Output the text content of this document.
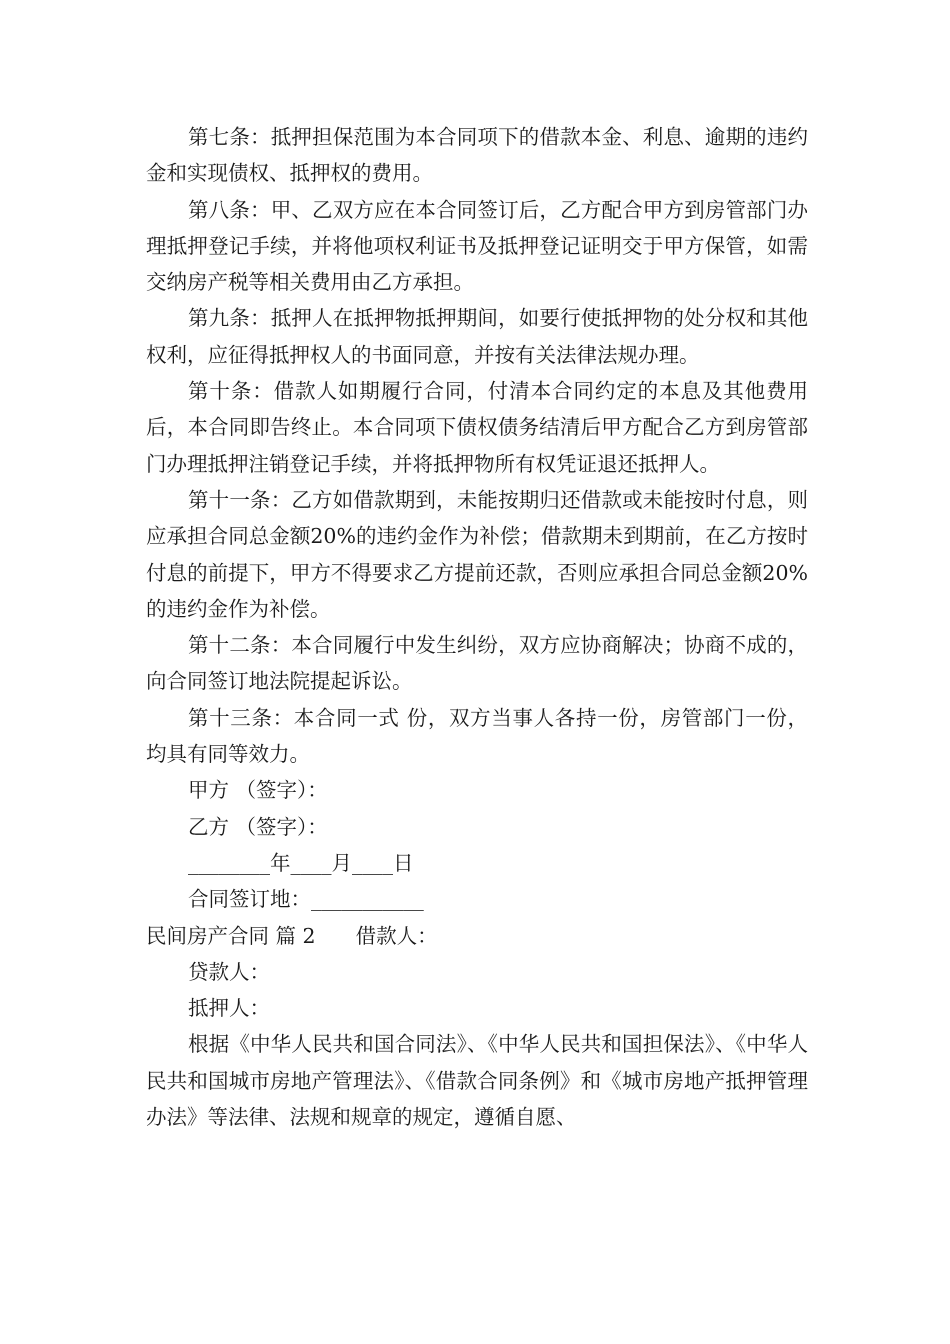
第七条：抵押担保范围为本合同项下的借款本金、利息、逾期的违约金和实现债权、抵押权的费用。

第八条：甲、乙双方应在本合同签订后，乙方配合甲方到房管部门办理抵押登记手续，并将他项权利证书及抵押登记证明交于甲方保管，如需交纳房产税等相关费用由乙方承担。

第九条：抵押人在抵押物抵押期间，如要行使抵押物的处分权和其他权利，应征得抵押权人的书面同意，并按有关法律法规办理。

第十条：借款人如期履行合同，付清本合同约定的本息及其他费用后，本合同即告终止。本合同项下债权债务结清后甲方配合乙方到房管部门办理抵押注销登记手续，并将抵押物所有权凭证退还抵押人。

第十一条：乙方如借款期到，未能按期归还借款或未能按时付息，则应承担合同总金额20%的违约金作为补偿；借款期未到期前，在乙方按时付息的前提下，甲方不得要求乙方提前还款，否则应承担合同总金额20%的违约金作为补偿。

第十二条：本合同履行中发生纠纷，双方应协商解决；协商不成的，向合同签订地法院提起诉讼。

第十三条：本合同一式 份，双方当事人各持一份，房管部门一份，均具有同等效力。

甲方 （签字）：

乙方 （签字）：

________年____月____日

合同签订地：___________

民间房产合同 篇 2 借款人：

贷款人：

抵押人：

根据《中华人民共和国合同法》、《中华人民共和国担保法》、《中华人民共和国城市房地产管理法》、《借款合同条例》和《城市房地产抵押管理办法》等法律、法规和规章的规定，遵循自愿、
